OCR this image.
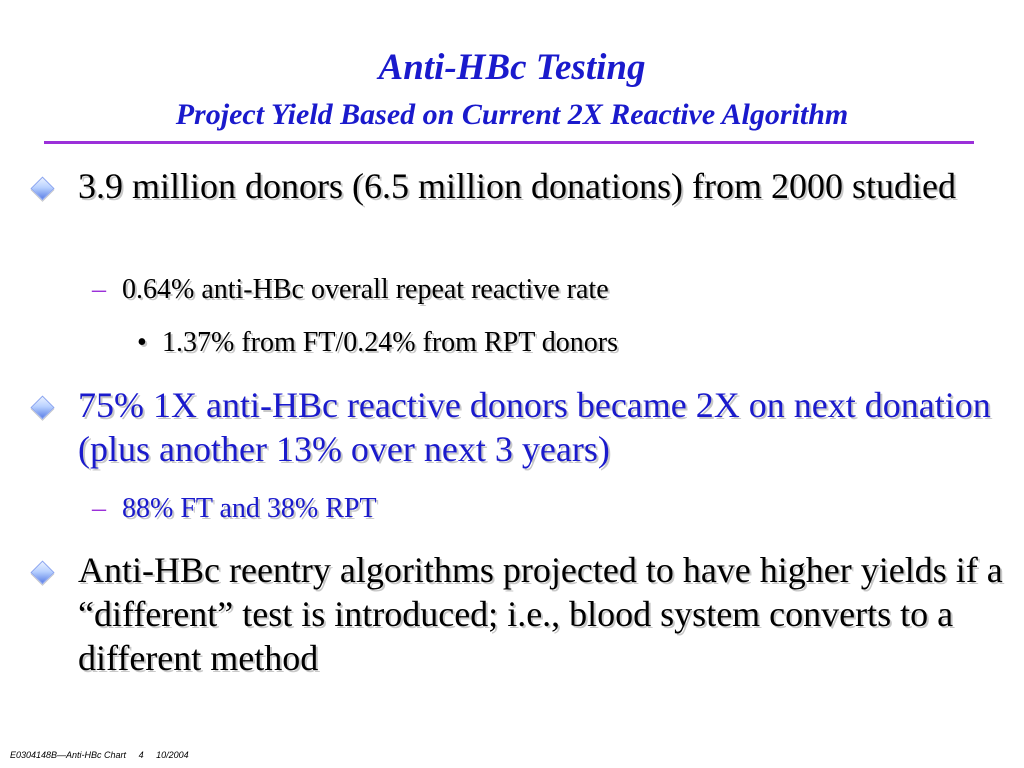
Anti-HBc Testing
Project Yield Based on Current 2X Reactive Algorithm
3.9 million donors (6.5 million donations) from 2000 studied
– 0.64% anti-HBc overall repeat reactive rate
• 1.37% from FT/0.24% from RPT donors
75% 1X anti-HBc reactive donors became 2X on next donation (plus another 13% over next 3 years)
– 88% FT and 38% RPT
Anti-HBc reentry algorithms projected to have higher yields if a “different” test is introduced; i.e., blood system converts to a different method
E0304148B—Anti-HBc Chart 4 10/2004
